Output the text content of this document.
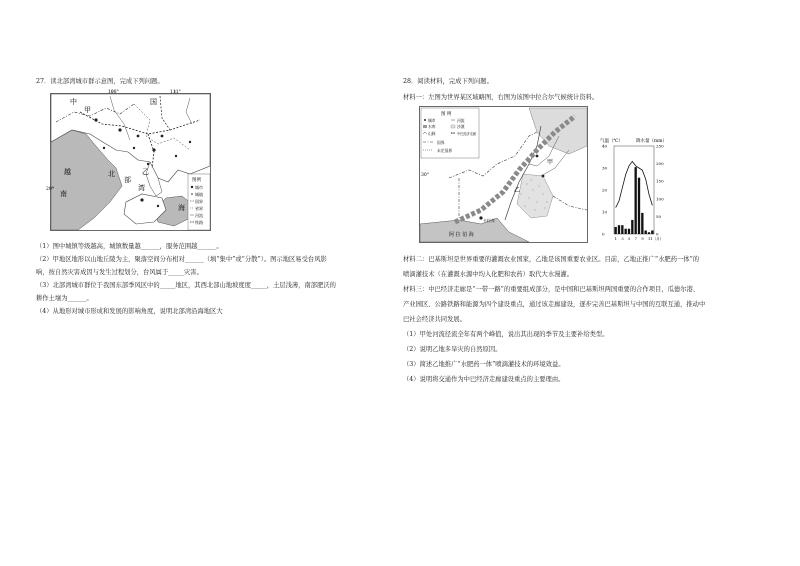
27．读北部湾城市群示意图，完成下列问题。
108°	111°
20°
中	国
越
南
北
部
湾
海
甲
乙
图例
城市
城镇
国界
省界
河流
铁路
（1）图中城镇等级越高，城镇数量越______，服务范围越______。
（2）甲地区地形以山地丘陵为主，聚落空间分布相对______（填“集中”或“分散”）。图示地区易受台风影
响，按自然灾害成因与发生过程划分，台风属于_____灾害。
（3）北部湾城市群位于我国东部季风区中的_____地区，其西北部山地坡度度_____，土层浅薄，南部肥沃的
耕作土壤为______。
（4）从地形对城市形成和发展的影响角度，说明北部湾沿海地区大
28．阅读材料，完成下列问题。
材料一：左图为世界某区域略图，右图为该图中拉合尔气候统计资料。
30°
甲
乙
卡拉奇
阿 拉 伯 海
图 例
城市	河流
水库	沙漠
山脉	中巴经济走廊
国界
未定国界
气温（℃）	降水量（mm）
40
30
20
10
0
250
200
150
100
50
0
1 3 5 7 9 11（月）
材料二：巴基斯坦是世界重要的灌溉农业国家，乙地是该国重要农业区。目前，乙地正推广“水肥药一体”的
喷滴灌技术（在灌溉水源中均入化肥和农药）取代大水漫灌。
材料三：中巴经济走廊是“一带一路”的重要组成部分，是中国和巴基斯坦两国重要的合作项目，瓜德尔港、
产业园区、公路铁路和能源为四个建设重点，通过该走廊建设，逐步完善巴基斯坦与中国的互联互通，推动中
巴社会经济共同发展。
（1）甲处河流径流全年有两个峰值，说出其出现的季节及主要补给类型。
（2）说明乙地多旱灾的自然原因。
（3）简述乙地推广“水肥药一体”喷滴灌技术的环境效益。
（4）说明将交通作为中巴经济走廊建设重点的主要理由。
